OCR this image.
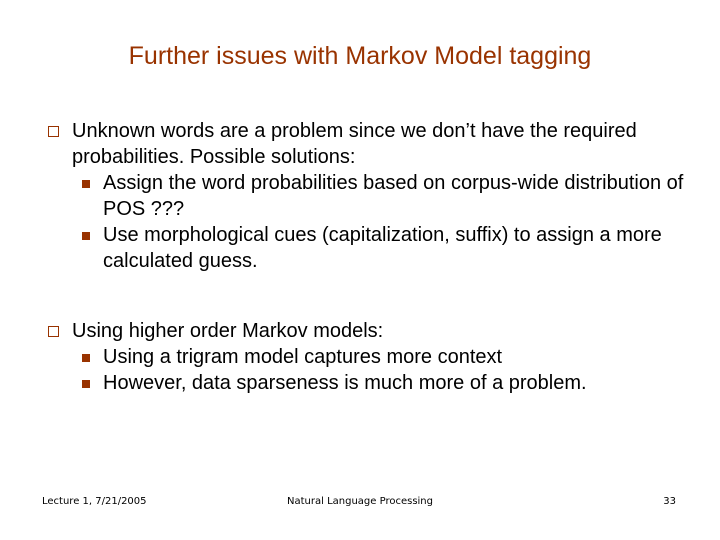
Further issues with Markov Model tagging
Unknown words are a problem since we don’t have the required probabilities. Possible solutions:
Assign the word probabilities based on corpus-wide distribution of POS ???
Use morphological cues (capitalization, suffix) to assign a more calculated guess.
Using higher order Markov models:
Using a trigram model captures more context
However, data sparseness is much more of a problem.
Lecture 1, 7/21/2005	Natural Language Processing	33
